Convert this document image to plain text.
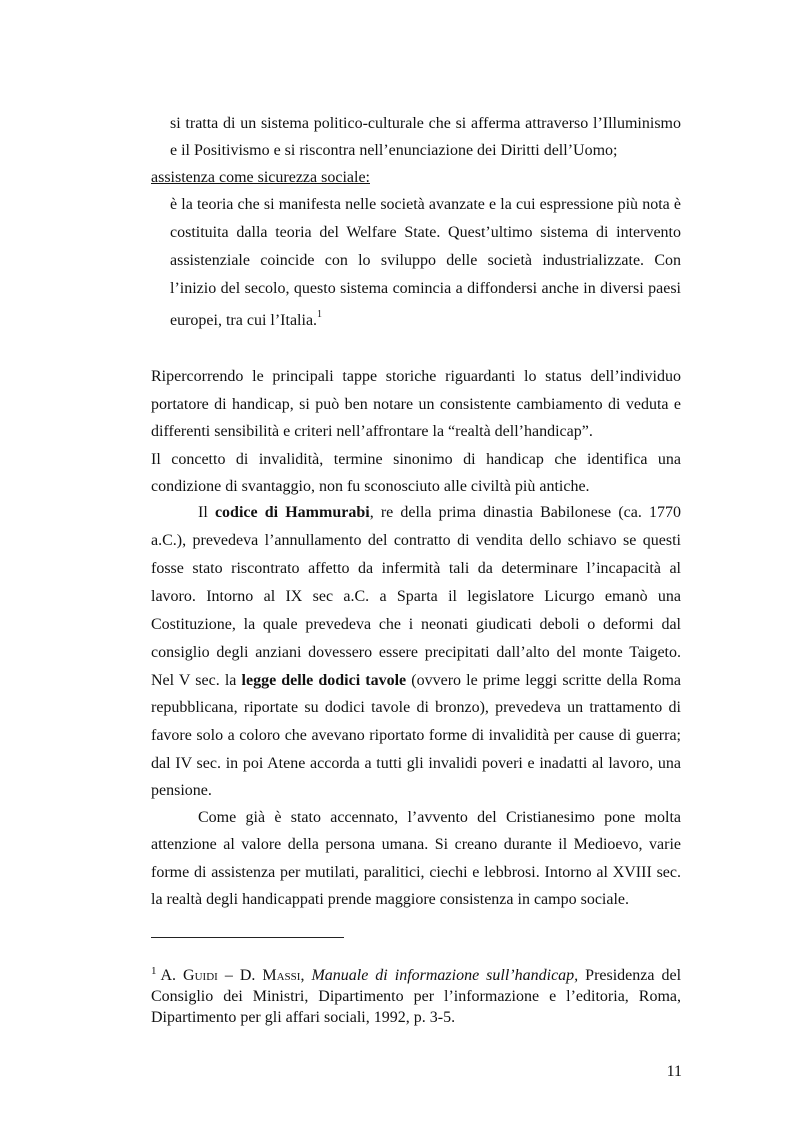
si tratta di un sistema politico-culturale che si afferma attraverso l’Illuminismo
e il Positivismo e si riscontra nell’enunciazione dei Diritti dell’Uomo;
assistenza come sicurezza sociale:
è la teoria che si manifesta nelle società avanzate e la cui espressione più nota è
costituita dalla teoria del Welfare State. Quest’ultimo sistema di intervento
assistenziale coincide con lo sviluppo delle società industrializzate. Con
l’inizio del secolo, questo sistema comincia a diffondersi anche in diversi paesi
europei, tra cui l’Italia.$^1$
Ripercorrendo le principali tappe storiche riguardanti lo status dell’individuo
portatore di handicap, si può ben notare un consistente cambiamento di veduta e
differenti sensibilità e criteri nell’affrontare la “realtà dell’handicap”.
Il concetto di invalidità, termine sinonimo di handicap che identifica una
condizione di svantaggio, non fu sconosciuto alle civiltà più antiche.
Il codice di Hammurabi, re della prima dinastia Babilonese (ca. 1770
a.C.), prevedeva l’annullamento del contratto di vendita dello schiavo se questi
fosse stato riscontrato affetto da infermità tali da determinare l’incapacità al
lavoro. Intorno al IX sec a.C. a Sparta il legislatore Licurgo emanò una
Costituzione, la quale prevedeva che i neonati giudicati deboli o deformi dal
consiglio degli anziani dovessero essere precipitati dall’alto del monte Taigeto.
Nel V sec. la legge delle dodici tavole (ovvero le prime leggi scritte della Roma
repubblicana, riportate su dodici tavole di bronzo), prevedeva un trattamento di
favore solo a coloro che avevano riportato forme di invalidità per cause di guerra;
dal IV sec. in poi Atene accorda a tutti gli invalidi poveri e inadatti al lavoro, una
pensione.
Come già è stato accennato, l’avvento del Cristianesimo pone molta
attenzione al valore della persona umana. Si creano durante il Medioevo, varie
forme di assistenza per mutilati, paralitici, ciechi e lebbrosi. Intorno al XVIII sec.
la realtà degli handicappati prende maggiore consistenza in campo sociale.
$^1$ A. Guidi – D. Massi, Manuale di informazione sull’handicap, Presidenza del
Consiglio dei Ministri, Dipartimento per l’informazione e l’editoria, Roma,
Dipartimento per gli affari sociali, 1992, p. 3-5.
11
